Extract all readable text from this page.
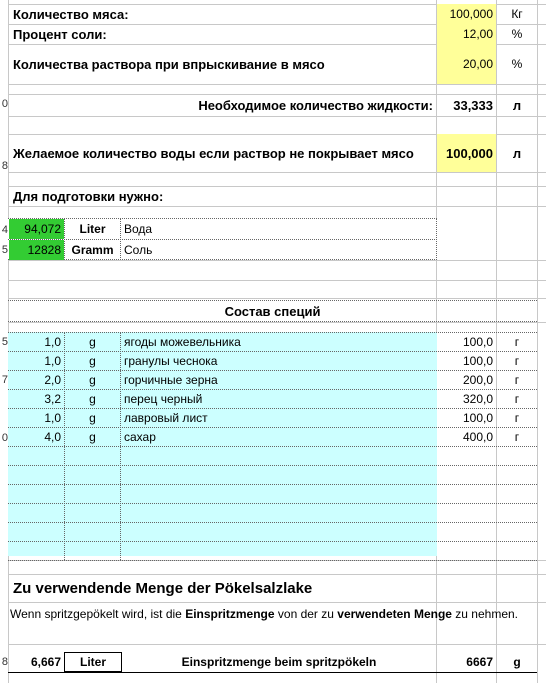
Количество мяса:	100,000	Кг
Процент соли:	12,00	%
Количества раствора при впрыскивание в мясо	20,00	%
Необходимое количество жидкости:	33,333	л
Желаемое количество воды если раствор не покрывает мясо	100,000	л
Для подготовки нужно:
94,072	Liter	Вода
12828 Gramm Соль
Состав специй
1,0	g	ягоды можевельника	100,0	г
1,0	g	гранулы чеснока	100,0	г
2,0	g	горчичные зерна	200,0	г
3,2	g	перец черный	320,0	г
1,0	g	лавровый лист	100,0	г
4,0	g	сахар	400,0	г
Zu verwendende Menge der Pökelsalzlake
Wenn spritzgepökelt wird, ist die Einspritzmenge von der zu verwendeten Menge zu nehmen.
6,667	Liter	Einspritzmenge beim spritzpökeln	6667	g
0
8
4
5
5
7
0
8
